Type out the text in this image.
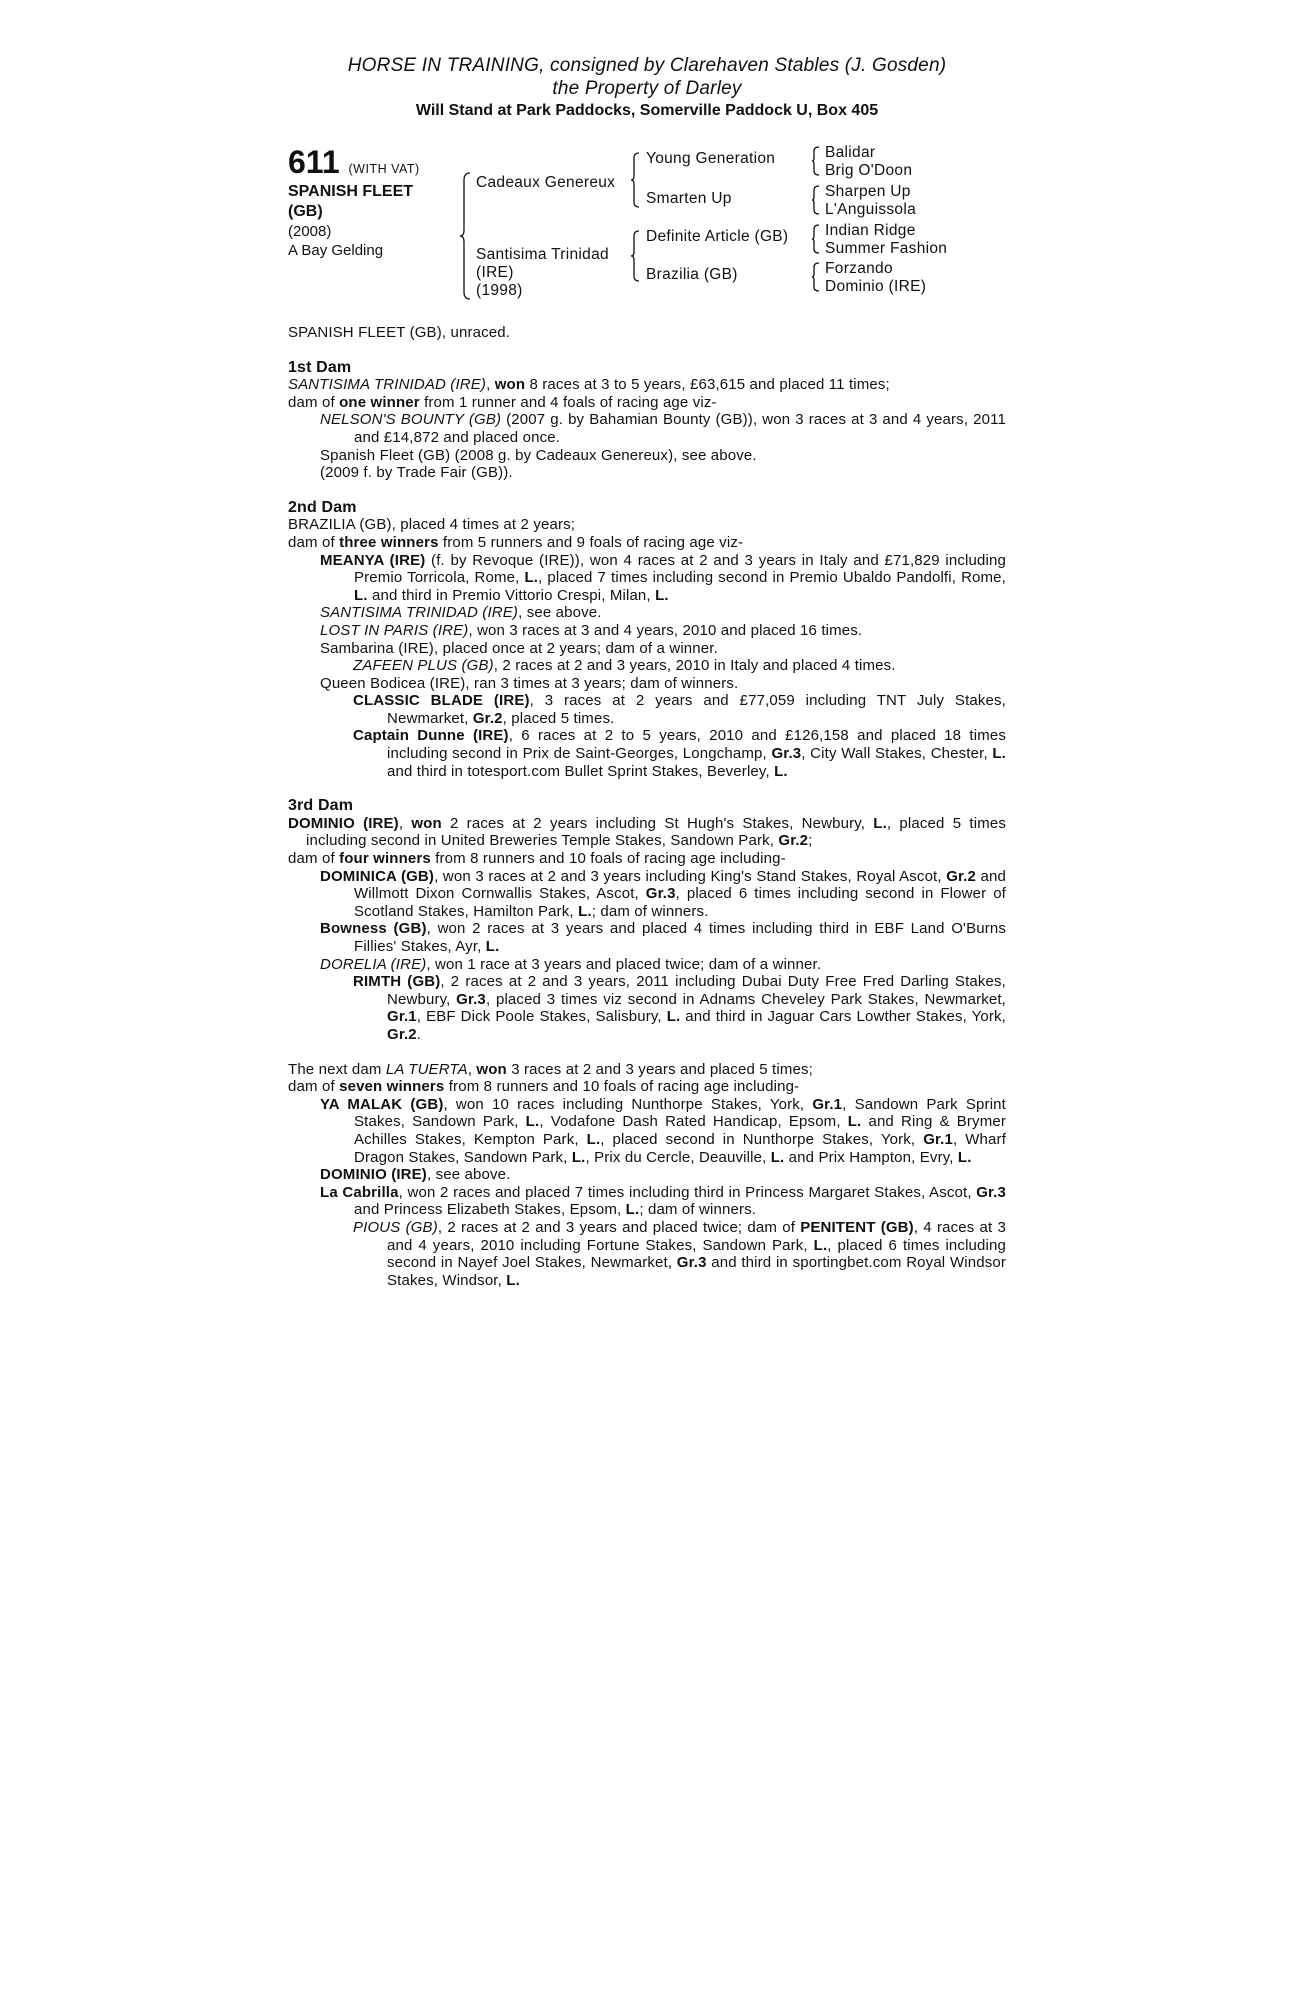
HORSE IN TRAINING, consigned by Clarehaven Stables (J. Gosden)
the Property of Darley
Will Stand at Park Paddocks, Somerville Paddock U, Box 405
611 (WITH VAT)
SPANISH FLEET
(GB)
(2008)
A Bay Gelding
Cadeaux Genereux
Santisima Trinidad
(IRE)
(1998)
Young Generation
Smarten Up
Definite Article (GB)
Brazilia (GB)
Balidar
Brig O'Doon
Sharpen Up
L'Anguissola
Indian Ridge
Summer Fashion
Forzando
Dominio (IRE)

SPANISH FLEET (GB), unraced.

1st Dam

SANTISIMA TRINIDAD (IRE), won 8 races at 3 to 5 years, £63,615 and placed 11 times;

dam of one winner from 1 runner and 4 foals of racing age viz-

NELSON'S BOUNTY (GB) (2007 g. by Bahamian Bounty (GB)), won 3 races at 3 and 4 years, 2011 and £14,872 and placed once.

Spanish Fleet (GB) (2008 g. by Cadeaux Genereux), see above.

(2009 f. by Trade Fair (GB)).

2nd Dam

BRAZILIA (GB), placed 4 times at 2 years;

dam of three winners from 5 runners and 9 foals of racing age viz-

MEANYA (IRE) (f. by Revoque (IRE)), won 4 races at 2 and 3 years in Italy and £71,829 including Premio Torricola, Rome, L., placed 7 times including second in Premio Ubaldo Pandolfi, Rome, L. and third in Premio Vittorio Crespi, Milan, L.

SANTISIMA TRINIDAD (IRE), see above.

LOST IN PARIS (IRE), won 3 races at 3 and 4 years, 2010 and placed 16 times.

Sambarina (IRE), placed once at 2 years; dam of a winner.

ZAFEEN PLUS (GB), 2 races at 2 and 3 years, 2010 in Italy and placed 4 times.

Queen Bodicea (IRE), ran 3 times at 3 years; dam of winners.

CLASSIC BLADE (IRE), 3 races at 2 years and £77,059 including TNT July Stakes, Newmarket, Gr.2, placed 5 times.

Captain Dunne (IRE), 6 races at 2 to 5 years, 2010 and £126,158 and placed 18 times including second in Prix de Saint-Georges, Longchamp, Gr.3, City Wall Stakes, Chester, L. and third in totesport.com Bullet Sprint Stakes, Beverley, L.

3rd Dam

DOMINIO (IRE), won 2 races at 2 years including St Hugh's Stakes, Newbury, L., placed 5 times including second in United Breweries Temple Stakes, Sandown Park, Gr.2;

dam of four winners from 8 runners and 10 foals of racing age including-

DOMINICA (GB), won 3 races at 2 and 3 years including King's Stand Stakes, Royal Ascot, Gr.2 and Willmott Dixon Cornwallis Stakes, Ascot, Gr.3, placed 6 times including second in Flower of Scotland Stakes, Hamilton Park, L.; dam of winners.

Bowness (GB), won 2 races at 3 years and placed 4 times including third in EBF Land O'Burns Fillies' Stakes, Ayr, L.

DORELIA (IRE), won 1 race at 3 years and placed twice; dam of a winner.

RIMTH (GB), 2 races at 2 and 3 years, 2011 including Dubai Duty Free Fred Darling Stakes, Newbury, Gr.3, placed 3 times viz second in Adnams Cheveley Park Stakes, Newmarket, Gr.1, EBF Dick Poole Stakes, Salisbury, L. and third in Jaguar Cars Lowther Stakes, York, Gr.2.

The next dam LA TUERTA, won 3 races at 2 and 3 years and placed 5 times;

dam of seven winners from 8 runners and 10 foals of racing age including-

YA MALAK (GB), won 10 races including Nunthorpe Stakes, York, Gr.1, Sandown Park Sprint Stakes, Sandown Park, L., Vodafone Dash Rated Handicap, Epsom, L. and Ring & Brymer Achilles Stakes, Kempton Park, L., placed second in Nunthorpe Stakes, York, Gr.1, Wharf Dragon Stakes, Sandown Park, L., Prix du Cercle, Deauville, L. and Prix Hampton, Evry, L.

DOMINIO (IRE), see above.

La Cabrilla, won 2 races and placed 7 times including third in Princess Margaret Stakes, Ascot, Gr.3 and Princess Elizabeth Stakes, Epsom, L.; dam of winners.

PIOUS (GB), 2 races at 2 and 3 years and placed twice; dam of PENITENT (GB), 4 races at 3 and 4 years, 2010 including Fortune Stakes, Sandown Park, L., placed 6 times including second in Nayef Joel Stakes, Newmarket, Gr.3 and third in sportingbet.com Royal Windsor Stakes, Windsor, L.
